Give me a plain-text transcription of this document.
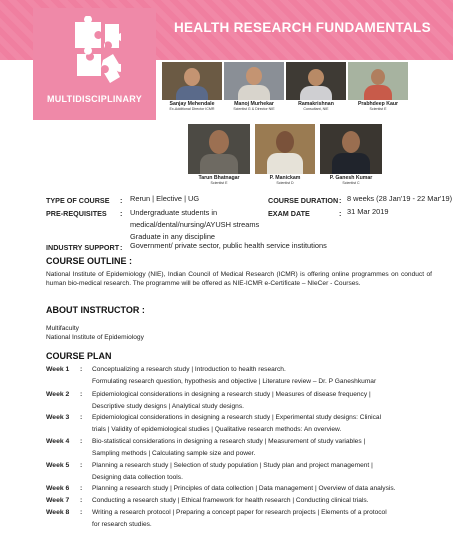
HEALTH RESEARCH FUNDAMENTALS
MULTIDISCIPLINARY	Sanjay Mehendale
Ex-Additional Director ICMR
Manoj Murhekar
Scientist G & Director NIE
Ramakrishnan
Consultant, NIE
Prabhdeep Kaur
Scientist E
Tarun Bhatnagar
Scientist E
P. Manickam
Scientist D
P. Ganesh Kumar
Scientist C
TYPE OF COURSE : Rerun | Elective | UG	COURSE DURATION : 8 weeks (28 Jan'19 - 22 Mar'19)
PRE-REQUISITES : Undergraduate students in
medical/dental/nursing/AYUSH streams
Graduate in any discipline
EXAM DATE	: 31 Mar 2019
INDUSTRY SUPPORT : Government/ private sector, public health service institutions
COURSE OUTLINE :
National Institute of Epidemiology (NIE), Indian Council of Medical Research (ICMR) is offering online programmes on conduct of human bio-medical research. The programme will be offered as NIE-ICMR e-Certificate – NIeCer - Courses.
ABOUT INSTRUCTOR :
Multifaculty
National Institute of Epidemiology
COURSE PLAN
Week 1 : Conceptualizing a research study | Introduction to health research.
Formulating research question, hypothesis and objective | Literature review – Dr. P Ganeshkumar
Week 2 : Epidemiological considerations in designing a research study | Measures of disease frequency |
Descriptive study designs | Analytical study designs.
Week 3 : Epidemiological considerations in designing a research study | Experimental study designs: Clinical
trials | Validity of epidemiological studies | Qualitative research methods: An overview.
Week 4 : Bio-statistical considerations in designing a research study | Measurement of study variables |
Sampling methods | Calculating sample size and power.
Week 5 : Planning a research study | Selection of study population | Study plan and project management |
Designing data collection tools.
Week 6 : Planning a research study | Principles of data collection | Data management | Overview of data analysis.
Week 7 : Conducting a research study | Ethical framework for health research | Conducting clinical trials.
Week 8 : Writing a research protocol | Preparing a concept paper for research projects | Elements of a protocol
for research studies.
